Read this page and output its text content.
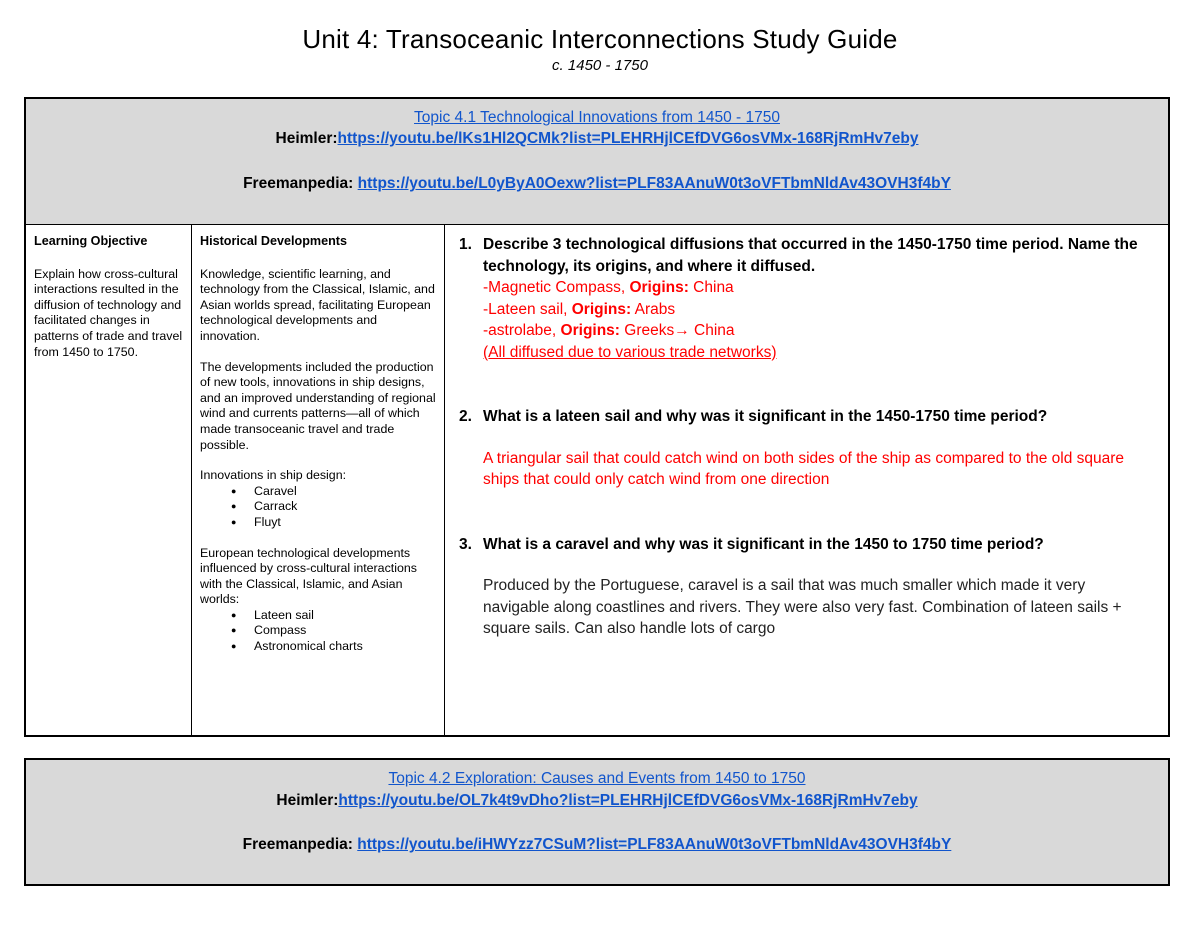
Unit 4: Transoceanic Interconnections Study Guide
c. 1450 - 1750
Topic 4.1 Technological Innovations from 1450 - 1750
Heimler:https://youtu.be/lKs1Hl2QCMk?list=PLEHRHjlCEfDVG6osVMx-168RjRmHv7eby
Freemanpedia: https://youtu.be/L0yByA0Oexw?list=PLF83AAnuW0t3oVFTbmNldAv43OVH3f4bY
Learning Objective

Explain how cross-cultural interactions resulted in the diffusion of technology and facilitated changes in patterns of trade and travel from 1450 to 1750.

Historical Developments

Knowledge, scientific learning, and technology from the Classical, Islamic, and Asian worlds spread, facilitating European technological developments and innovation.

The developments included the production of new tools, innovations in ship designs, and an improved understanding of regional wind and currents patterns—all of which made transoceanic travel and trade possible.

Innovations in ship design:

● Caravel
● Carrack
● Fluyt

European technological developments influenced by cross-cultural interactions with the Classical, Islamic, and Asian worlds:

● Lateen sail
● Compass
● Astronomical charts
1. Describe 3 technological diffusions that occurred in the 1450-1750 time period. Name the technology, its origins, and where it diffused.
-Magnetic Compass, Origins: China
-Lateen sail, Origins: Arabs
-astrolabe, Origins: Greeks→ China
(All diffused due to various trade networks)
2. What is a lateen sail and why was it significant in the 1450-1750 time period?
A triangular sail that could catch wind on both sides of the ship as compared to the old square ships that could only catch wind from one direction
3. What is a caravel and why was it significant in the 1450 to 1750 time period?
Produced by the Portuguese, caravel is a sail that was much smaller which made it very navigable along coastlines and rivers. They were also very fast. Combination of lateen sails + square sails. Can also handle lots of cargo
Topic 4.2 Exploration: Causes and Events from 1450 to 1750
Heimler:https://youtu.be/OL7k4t9vDho?list=PLEHRHjlCEfDVG6osVMx-168RjRmHv7eby
Freemanpedia: https://youtu.be/iHWYzz7CSuM?list=PLF83AAnuW0t3oVFTbmNldAv43OVH3f4bY
